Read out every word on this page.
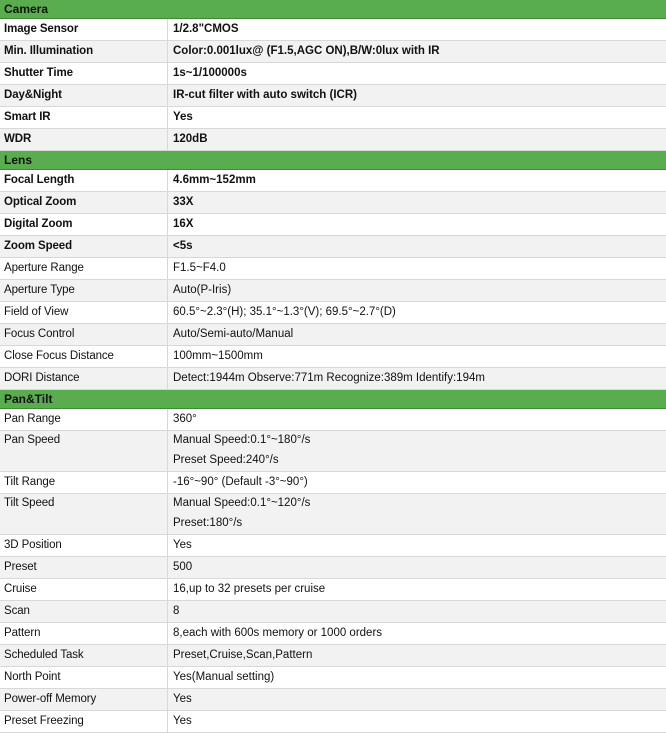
Camera
Image Sensor	1/2.8"CMOS
Min. Illumination	Color:0.001lux@ (F1.5,AGC ON),B/W:0lux with IR
Shutter Time	1s~1/100000s
Day&Night	IR-cut filter with auto switch (ICR)
Smart IR	Yes
WDR	120dB
Lens
Focal Length	4.6mm~152mm
Optical Zoom	33X
Digital Zoom	16X
Zoom Speed	<5s
Aperture Range	F1.5~F4.0
Aperture Type	Auto(P-Iris)
Field of View	60.5°~2.3°(H); 35.1°~1.3°(V); 69.5°~2.7°(D)
Focus Control	Auto/Semi-auto/Manual
Close Focus Distance	100mm~1500mm
DORI Distance	Detect:1944m Observe:771m Recognize:389m Identify:194m
Pan&Tilt
Pan Range	360°
Pan Speed	Manual Speed:0.1°~180°/s
Preset Speed:240°/s
Tilt Range	-16°~90° (Default -3°~90°)
Tilt Speed	Manual Speed:0.1°~120°/s
Preset:180°/s
3D Position	Yes
Preset	500
Cruise	16,up to 32 presets per cruise
Scan	8
Pattern	8,each with 600s memory or 1000 orders
Scheduled Task	Preset,Cruise,Scan,Pattern
North Point	Yes(Manual setting)
Power-off Memory	Yes
Preset Freezing	Yes
